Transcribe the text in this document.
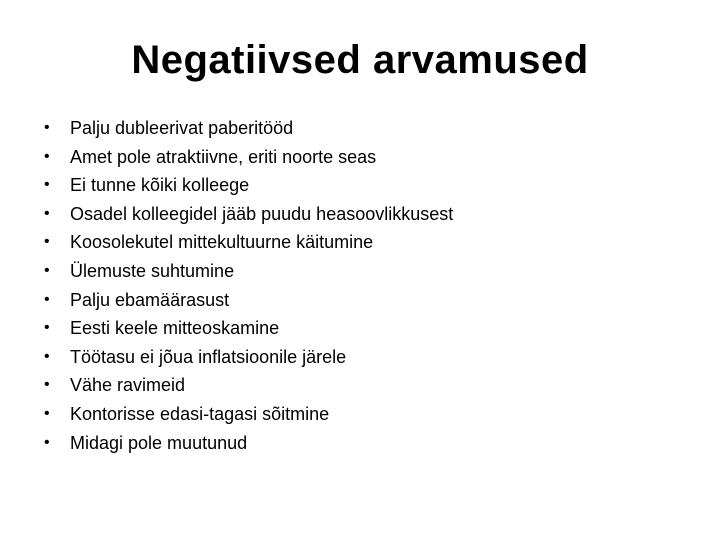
Negatiivsed arvamused
•	Palju dubleerivat paberitööd
•	Amet pole atraktiivne, eriti noorte seas
•	Ei tunne kõiki kolleege
•	Osadel kolleegidel jääb puudu heasoovlikkusest
•	Koosolekutel mittekultuurne käitumine
•	Ülemuste suhtumine
•	Palju ebamäärasust
•	Eesti keele mitteoskamine
•	Töötasu ei jõua inflatsioonile järele
•	Vähe ravimeid
•	Kontorisse edasi-tagasi sõitmine
•	Midagi pole muutunud
